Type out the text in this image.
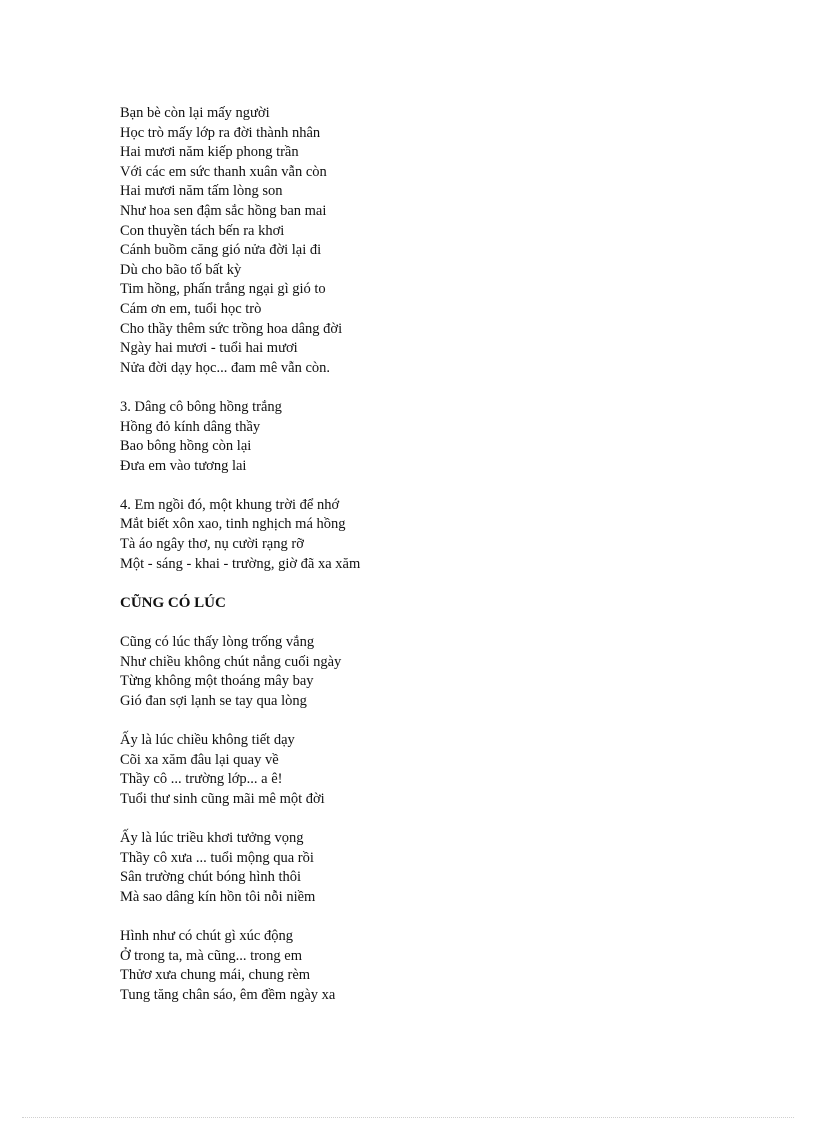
Bạn bè còn lại mấy người
Học trò mấy lớp ra đời thành nhân
Hai mươi năm kiếp phong trần
Với các em sức thanh xuân vẫn còn
Hai mươi năm tấm lòng son
Như hoa sen đậm sắc hồng ban mai
Con thuyền tách bến ra khơi
Cánh buồm căng gió nửa đời lại đi
Dù cho bão tố bất kỳ
Tim hồng, phấn trắng ngại gì gió to
Cám ơn em, tuổi học trò
Cho thầy thêm sức trồng hoa dâng đời
Ngày hai mươi - tuổi hai mươi
Nửa đời dạy học... đam mê vẫn còn.
3. Dâng cô bông hồng trắng
Hồng đỏ kính dâng thầy
Bao bông hồng còn lại
Đưa em vào tương lai
4. Em ngồi đó, một khung trời để nhớ
Mắt biết xôn xao, tinh nghịch má hồng
Tà áo ngây thơ, nụ cười rạng rỡ
Một - sáng - khai - trường, giờ đã xa xăm
CŨNG CÓ LÚC
Cũng có lúc thấy lòng trống vắng
Như chiều không chút nắng cuối ngày
Từng không một thoáng mây bay
Gió đan sợi lạnh se tay qua lòng
Ấy là lúc chiều không tiết dạy
Cõi xa xăm đâu lại quay về
Thầy cô ... trường lớp... a ê!
Tuổi thư sinh cũng mãi mê một đời
Ấy là lúc triều khơi tưởng vọng
Thầy cô xưa ... tuổi mộng qua rồi
Sân trường chút bóng hình thôi
Mà sao dâng kín hồn tôi nỗi niềm
Hình như có chút gì xúc động
Ở trong ta, mà cũng... trong em
Thửơ xưa chung mái, chung rèm
Tung tăng chân sáo, êm đềm ngày xa
